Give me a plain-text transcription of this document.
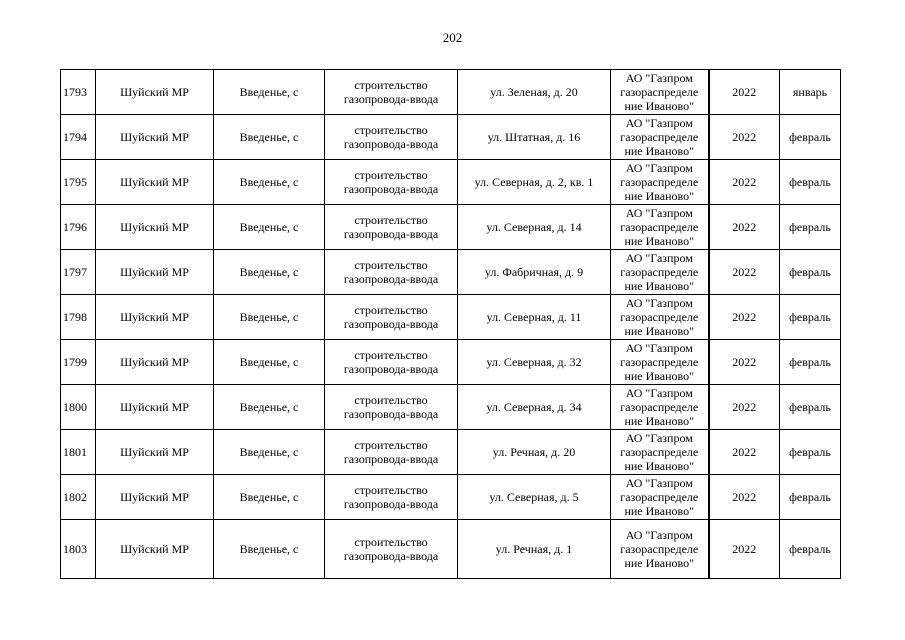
202
1793	Шуйский МР	Введенье, с	строительство
газопровода-ввода	ул. Зеленая, д. 20	АО "Газпром
газораспределе
ние Иваново"	2022	январь
1794	Шуйский МР	Введенье, с	строительство
газопровода-ввода	ул. Штатная, д. 16	АО "Газпром
газораспределе
ние Иваново"	2022	февраль
1795	Шуйский МР	Введенье, с	строительство
газопровода-ввода	ул. Северная, д. 2, кв. 1	АО "Газпром
газораспределе
ние Иваново"	2022	февраль
1796	Шуйский МР	Введенье, с	строительство
газопровода-ввода	ул. Северная, д. 14	АО "Газпром
газораспределе
ние Иваново"	2022	февраль
1797	Шуйский МР	Введенье, с	строительство
газопровода-ввода	ул. Фабричная, д. 9	АО "Газпром
газораспределе
ние Иваново"	2022	февраль
1798	Шуйский МР	Введенье, с	строительство
газопровода-ввода	ул. Северная, д. 11	АО "Газпром
газораспределе
ние Иваново"	2022	февраль
1799	Шуйский МР	Введенье, с	строительство
газопровода-ввода	ул. Северная, д. 32	АО "Газпром
газораспределе
ние Иваново"	2022	февраль
1800	Шуйский МР	Введенье, с	строительство
газопровода-ввода	ул. Северная, д. 34	АО "Газпром
газораспределе
ние Иваново"	2022	февраль
1801	Шуйский МР	Введенье, с	строительство
газопровода-ввода	ул. Речная, д. 20	АО "Газпром
газораспределе
ние Иваново"	2022	февраль
1802	Шуйский МР	Введенье, с	строительство
газопровода-ввода	ул. Северная, д. 5	АО "Газпром
газораспределе
ние Иваново"	2022	февраль
1803	Шуйский МР	Введенье, с	строительство
газопровода-ввода	ул. Речная, д. 1	АО "Газпром
газораспределе
ние Иваново"	2022	февраль
